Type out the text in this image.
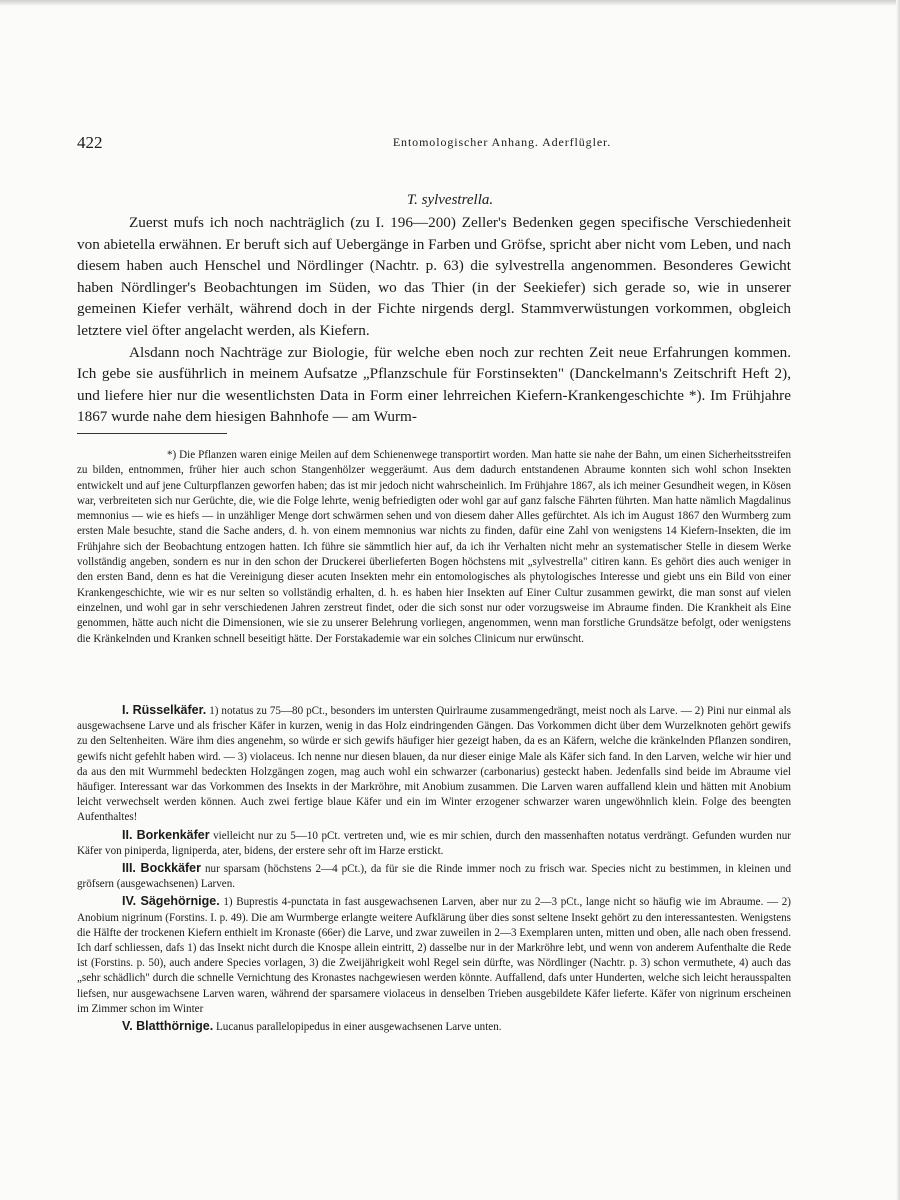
422	Entomologischer Anhang. Aderflügler.
T. sylvestrella.

Zuerst mufs ich noch nachträglich (zu I. 196—200) Zeller's Bedenken gegen specifische Verschiedenheit von abietella erwähnen. Er beruft sich auf Uebergänge in Farben und Gröfse, spricht aber nicht vom Leben, und nach diesem haben auch Henschel und Nördlinger (Nachtr. p. 63) die sylvestrella angenommen. Besonderes Gewicht haben Nördlinger's Beobachtungen im Süden, wo das Thier (in der Seekiefer) sich gerade so, wie in unserer gemeinen Kiefer verhält, während doch in der Fichte nirgends dergl. Stammverwüstungen vorkommen, obgleich letztere viel öfter angelacht werden, als Kiefern.

Alsdann noch Nachträge zur Biologie, für welche eben noch zur rechten Zeit neue Erfahrungen kommen. Ich gebe sie ausführlich in meinem Aufsatze „Pflanzschule für Forstinsekten" (Danckelmann's Zeitschrift Heft 2), und liefere hier nur die wesentlichsten Data in Form einer lehrreichen Kiefern-Krankengeschichte *). Im Frühjahre 1867 wurde nahe dem hiesigen Bahnhofe — am Wurm-

*) Die Pflanzen waren einige Meilen auf dem Schienenwege transportirt worden. Man hatte sie nahe der Bahn, um einen Sicherheitsstreifen zu bilden, entnommen, früher hier auch schon Stangenhölzer weggeräumt. Aus dem dadurch entstandenen Abraume konnten sich wohl schon Insekten entwickelt und auf jene Culturpflanzen geworfen haben; das ist mir jedoch nicht wahrscheinlich. Im Frühjahre 1867, als ich meiner Gesundheit wegen, in Kösen war, verbreiteten sich nur Gerüchte, die, wie die Folge lehrte, wenig befriedigten oder wohl gar auf ganz falsche Fährten führten. Man hatte nämlich Magdalinus memnonius — wie es hiefs — in unzähliger Menge dort schwärmen sehen und von diesem daher Alles gefürchtet. Als ich im August 1867 den Wurmberg zum ersten Male besuchte, stand die Sache anders, d. h. von einem memnonius war nichts zu finden, dafür eine Zahl von wenigstens 14 Kiefern-Insekten, die im Frühjahre sich der Beobachtung entzogen hatten. Ich führe sie sämmtlich hier auf, da ich ihr Verhalten nicht mehr an systematischer Stelle in diesem Werke vollständig angeben, sondern es nur in den schon der Druckerei überlieferten Bogen höchstens mit „sylvestrella" citiren kann. Es gehört dies auch weniger in den ersten Band, denn es hat die Vereinigung dieser acuten Insekten mehr ein entomologisches als phytologisches Interesse und giebt uns ein Bild von einer Krankengeschichte, wie wir es nur selten so vollständig erhalten, d. h. es haben hier Insekten auf Einer Cultur zusammen gewirkt, die man sonst auf vielen einzelnen, und wohl gar in sehr verschiedenen Jahren zerstreut findet, oder die sich sonst nur oder vorzugsweise im Abraume finden. Die Krankheit als Eine genommen, hätte auch nicht die Dimensionen, wie sie zu unserer Belehrung vorliegen, angenommen, wenn man forstliche Grundsätze befolgt, oder wenigstens die Kränkelnden und Kranken schnell beseitigt hätte. Der Forstakademie war ein solches Clinicum nur erwünscht.

I. Rüsselkäfer. 1) notatus zu 75—80 pCt., besonders im untersten Quirlraume zusammengedrängt, meist noch als Larve. — 2) Pini nur einmal als ausgewachsene Larve und als frischer Käfer in kurzen, wenig in das Holz eindringenden Gängen. Das Vorkommen dicht über dem Wurzelknoten gehört gewifs zu den Seltenheiten. Wäre ihm dies angenehm, so würde er sich gewifs häufiger hier gezeigt haben, da es an Käfern, welche die kränkelnden Pflanzen sondiren, gewifs nicht gefehlt haben wird. — 3) violaceus. Ich nenne nur diesen blauen, da nur dieser einige Male als Käfer sich fand. In den Larven, welche wir hier und da aus den mit Wurmmehl bedeckten Holzgängen zogen, mag auch wohl ein schwarzer (carbonarius) gesteckt haben. Jedenfalls sind beide im Abraume viel häufiger. Interessant war das Vorkommen des Insekts in der Markröhre, mit Anobium zusammen. Die Larven waren auffallend klein und hätten mit Anobium leicht verwechselt werden können. Auch zwei fertige blaue Käfer und ein im Winter erzogener schwarzer waren ungewöhnlich klein. Folge des beengten Aufenthaltes!

II. Borkenkäfer vielleicht nur zu 5—10 pCt. vertreten und, wie es mir schien, durch den massenhaften notatus verdrängt. Gefunden wurden nur Käfer von piniperda, ligniperda, ater, bidens, der erstere sehr oft im Harze erstickt.

III. Bockkäfer nur sparsam (höchstens 2—4 pCt.), da für sie die Rinde immer noch zu frisch war. Species nicht zu bestimmen, in kleinen und gröfsern (ausgewachsenen) Larven.

IV. Sägehörnige. 1) Buprestis 4-punctata in fast ausgewachsenen Larven, aber nur zu 2—3 pCt., lange nicht so häufig wie im Abraume. — 2) Anobium nigrinum (Forstins. I. p. 49). Die am Wurmberge erlangte weitere Aufklärung über dies sonst seltene Insekt gehört zu den interessantesten. Wenigstens die Hälfte der trockenen Kiefern enthielt im Kronaste (66er) die Larve, und zwar zuweilen in 2—3 Exemplaren unten, mitten und oben, alle nach oben fressend. Ich darf schliessen, dafs 1) das Insekt nicht durch die Knospe allein eintritt, 2) dasselbe nur in der Markröhre lebt, und wenn von anderem Aufenthalte die Rede ist (Forstins. p. 50), auch andere Species vorlagen, 3) die Zweijährigkeit wohl Regel sein dürfte, was Nördlinger (Nachtr. p. 3) schon vermuthete, 4) auch das „sehr schädlich" durch die schnelle Vernichtung des Kronastes nachgewiesen werden könnte. Auffallend, dafs unter Hunderten, welche sich leicht herausspalten liefsen, nur ausgewachsene Larven waren, während der sparsamere violaceus in denselben Trieben ausgebildete Käfer lieferte. Käfer von nigrinum erscheinen im Zimmer schon im Winter

V. Blatthörnige. Lucanus parallelopipedus in einer ausgewachsenen Larve unten.
